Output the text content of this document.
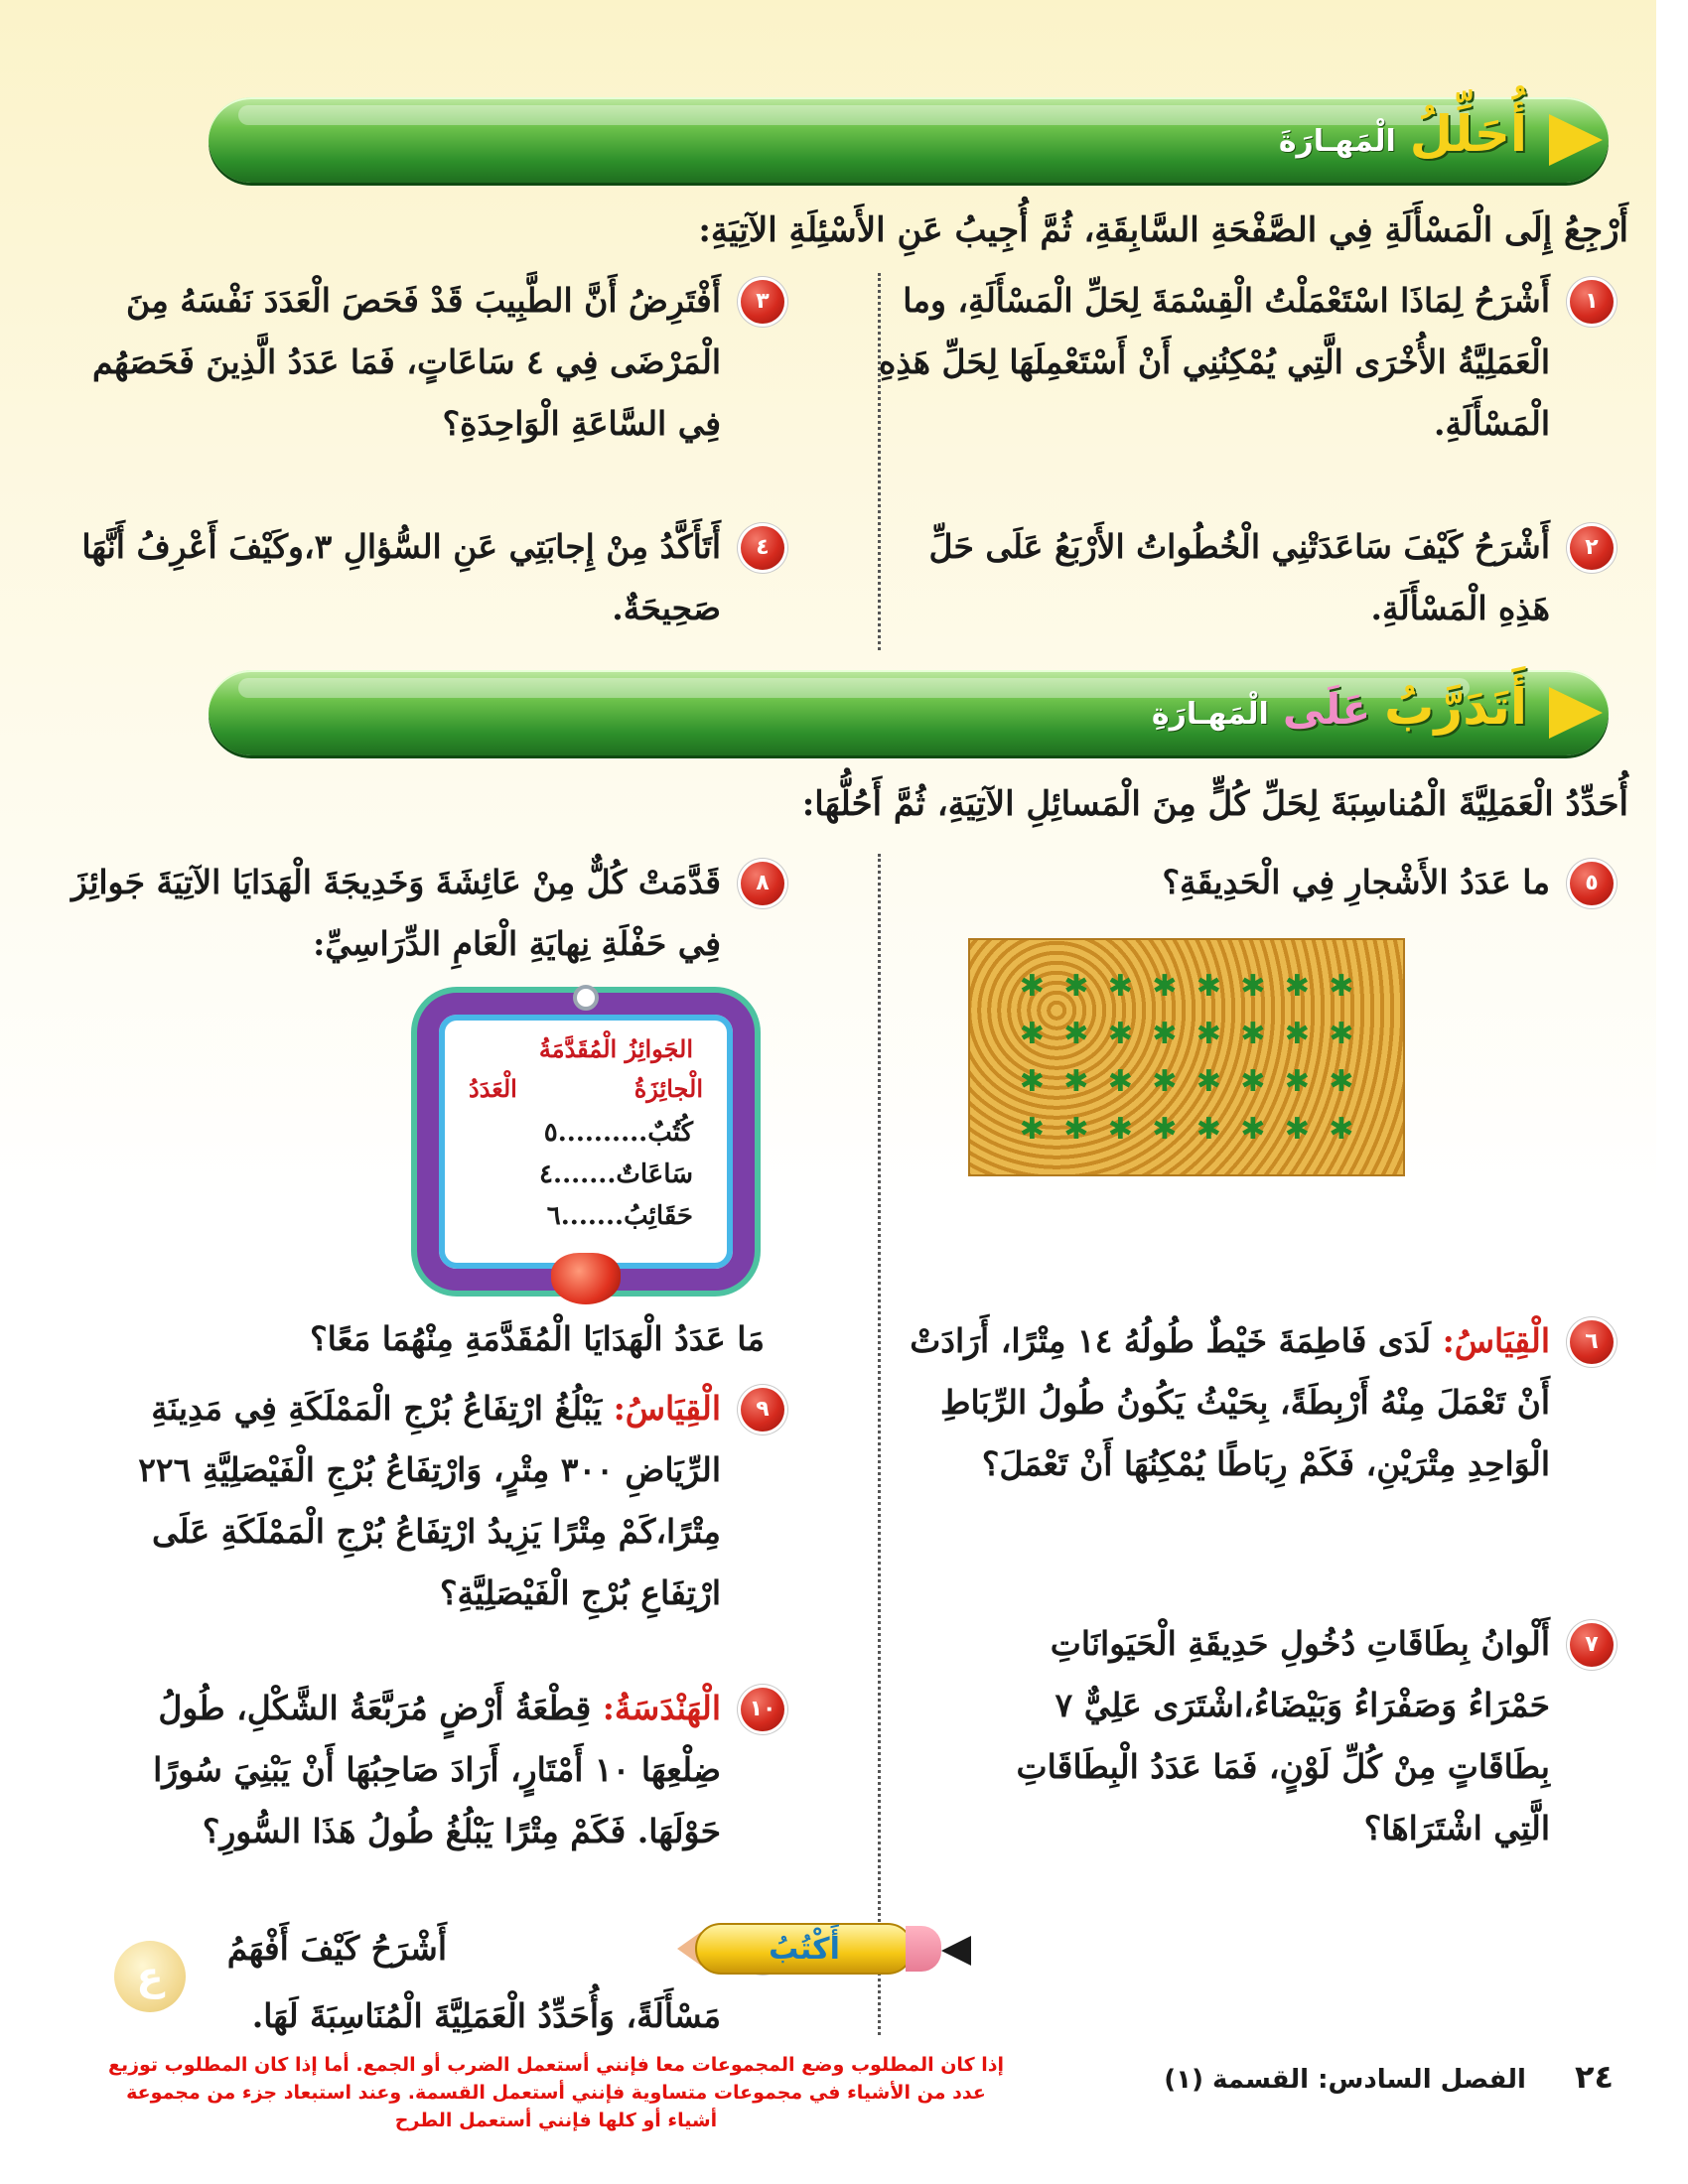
أُحَلِّلُ
الْمَهـارَةَ
أَرْجِعُ إِلَى الْمَسْأَلَةِ فِي الصَّفْحَةِ السَّابِقَةِ، ثُمَّ أُجِيبُ عَنِ الأَسْئِلَةِ الآتِيَةِ:
١
أَشْرَحُ لِمَاذَا اسْتَعْمَلْتُ الْقِسْمَةَ لِحَلِّ الْمَسْأَلَةِ، وما الْعَمَلِيَّةُ الأُخْرَى الَّتِي يُمْكِنُنِي أَنْ أَسْتَعْمِلَهَا لِحَلِّ هَذِهِ الْمَسْأَلَةِ.
٢
أَشْرَحُ كَيْفَ سَاعَدَتْنِي الْخُطُواتُ الأَرْبَعُ عَلَى حَلِّ هَذِهِ الْمَسْأَلَةِ.
٣
أَفْتَرِضُ أَنَّ الطَّبِيبَ قَدْ فَحَصَ الْعَدَدَ نَفْسَهُ مِنَ الْمَرْضَى فِي ٤ سَاعَاتٍ، فَمَا عَدَدُ الَّذِينَ فَحَصَهُم فِي السَّاعَةِ الْوَاحِدَةِ؟
٤
أَتَأَكَّدُ مِنْ إِجابَتِي عَنِ السُّؤالِ ٣،وكَيْفَ أَعْرِفُ أَنَّهَا صَحِيحَةٌ.
أَتَدَرَّبُ
عَلَى
الْمَهـارَةِ
أُحَدِّدُ الْعَمَلِيَّةَ الْمُناسِبَةَ لِحَلِّ كُلٍّ مِنَ الْمَسائِلِ الآتِيَةِ، ثُمَّ أَحُلُّهَا:
٥
ما عَدَدُ الأَشْجارِ فِي الْحَدِيقَةِ؟
✱
✱
✱
✱
✱
✱
✱
✱
✱
✱
✱
✱
✱
✱
✱
✱
✱
✱
✱
✱
✱
✱
✱
✱
✱
✱
✱
✱
✱
✱
✱
✱
٦
الْقِيَاسُ: لَدَى فَاطِمَةَ خَيْطٌ طُولُهُ ١٤ مِتْرًا، أَرَادَتْ أَنْ تَعْمَلَ مِنْهُ أَرْبِطَةً، بِحَيْثُ يَكُونُ طُولُ الرِّبَاطِ الْوَاحِدِ مِتْرَيْنِ، فَكَمْ رِبَاطًا يُمْكِنُهَا أَنْ تَعْمَلَ؟
٧
أَلْوانُ بِطَاقَاتِ دُخُولِ حَدِيقَةِ الْحَيَوانَاتِ حَمْرَاءُ وَصَفْرَاءُ وَبَيْضَاءُ،اشْتَرَى عَلِيٌّ ٧ بِطَاقَاتٍ مِنْ كُلِّ لَوْنٍ، فَمَا عَدَدُ الْبِطَاقَاتِ الَّتِي اشْتَرَاهَا؟
٨
قَدَّمَتْ كُلٌّ مِنْ عَائِشَةَ وَخَدِيجَةَ الْهَدَايَا الآتِيَةَ جَوائِزَ فِي حَفْلَةِ نِهايَةِ الْعَامِ الدِّرَاسِيِّ:
الجَوائِزُ الْمُقَدَّمَةُ
الْجائِزَةُ
الْعَدَدُ
كُتُبٌ..........٥
سَاعَاتٌ.......٤
حَقَائِبُ.......٦
مَا عَدَدُ الْهَدَايَا الْمُقَدَّمَةِ مِنْهُمَا مَعًا؟
٩
الْقِيَاسُ: يَبْلُغُ ارْتِفَاعُ بُرْجِ الْمَمْلَكَةِ فِي مَدِينَةِ الرِّيَاضِ ٣٠٠ مِتْرٍ، وَارْتِفَاعُ بُرْجِ الْفَيْصَلِيَّةِ ٢٢٦ مِتْرًا،كَمْ مِتْرًا يَزِيدُ ارْتِفَاعُ بُرْجِ الْمَمْلَكَةِ عَلَى ارْتِفَاعِ بُرْجِ الْفَيْصَلِيَّةِ؟
١٠
الْهَنْدَسَةُ: قِطْعَةُ أَرْضٍ مُرَبَّعَةُ الشَّكْلِ، طُولُ ضِلْعِهَا ١٠ أَمْتَارٍ، أَرَادَ صَاحِبُهَا أَنْ يَبْنِيَ سُورًا حَوْلَهَا. فَكَمْ مِتْرًا يَبْلُغُ طُولُ هَذَا السُّورِ؟
أَشْرَحُ كَيْفَ أَفْهَمُ	أَكْتُبُ
مَسْأَلَةً، وَأُحَدِّدُ الْعَمَلِيَّةَ الْمُنَاسِبَةَ لَهَا.
ع
٢٤ الفصل السادس: القسمة (١)
إذا كان المطلوب وضع المجموعات معا فإنني أستعمل الضرب أو الجمع. أما إذا كان المطلوب توزيع عدد من الأشياء في مجموعات متساوية فإنني أستعمل القسمة. وعند استبعاد جزء من مجموعة أشياء أو كلها فإنني أستعمل الطرح
